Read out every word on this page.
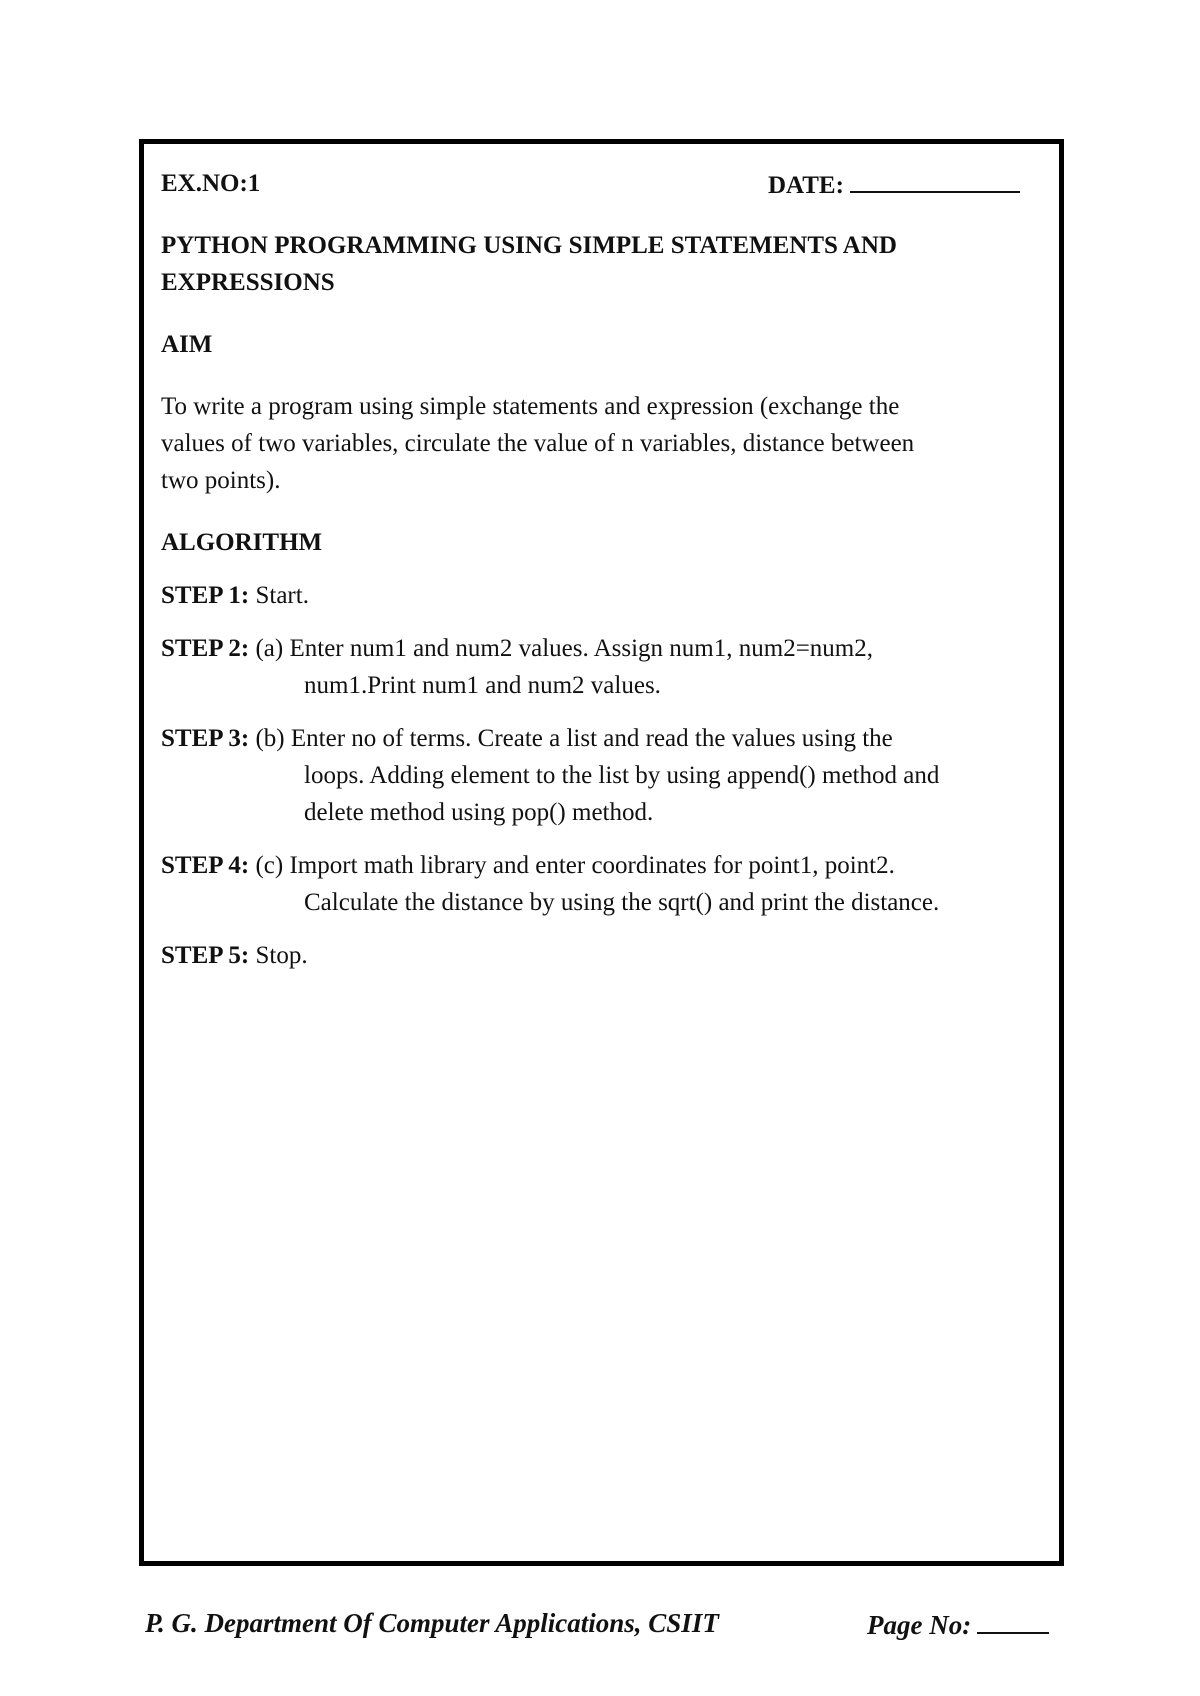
EX.NO:1	DATE:
PYTHON PROGRAMMING USING SIMPLE STATEMENTS AND
EXPRESSIONS
AIM
To write a program using simple statements and expression (exchange the
values of two variables, circulate the value of n variables, distance between
two points).
ALGORITHM
STEP 1: Start.
STEP 2: (a) Enter num1 and num2 values. Assign num1, num2=num2,
num1.Print num1 and num2 values.
STEP 3: (b) Enter no of terms. Create a list and read the values using the
loops. Adding element to the list by using append() method and
delete method using pop() method.
STEP 4: (c) Import math library and enter coordinates for point1, point2.
Calculate the distance by using the sqrt() and print the distance.
STEP 5: Stop.
P. G. Department Of Computer Applications, CSIIT	Page No:
